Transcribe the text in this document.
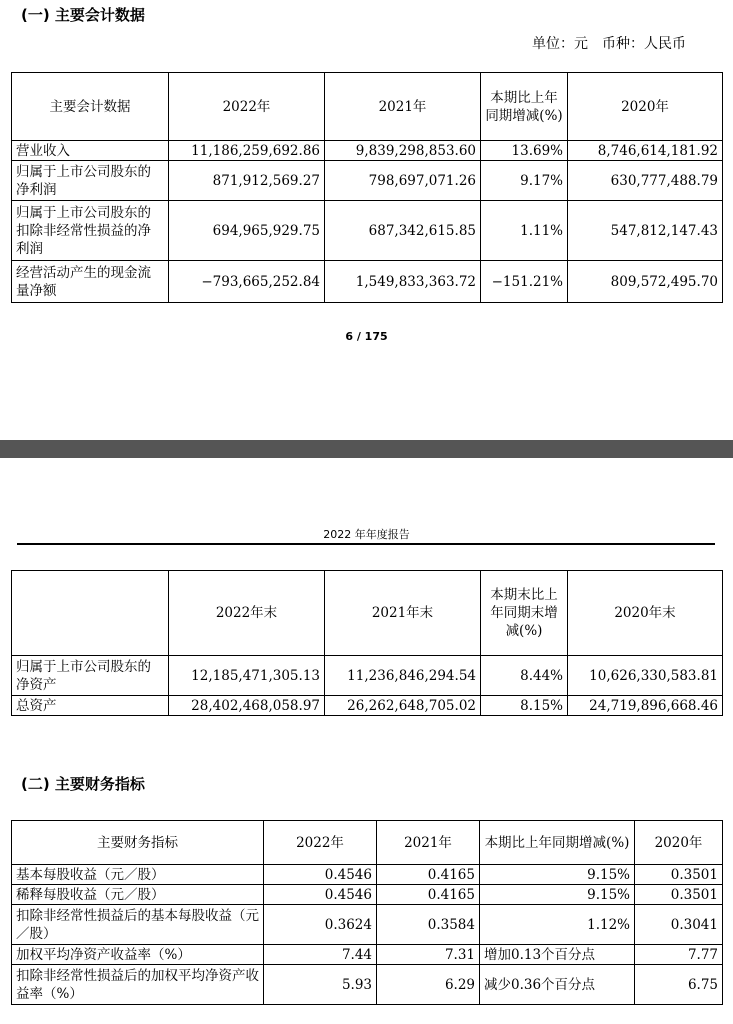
(一) 主要会计数据
单位：元　币种：人民币
主要会计数据	2022年	2021年	本期比上年同期增减(%)	2020年
营业收入	11,186,259,692.86	9,839,298,853.60	13.69%	8,746,614,181.92
归属于上市公司股东的净利润	871,912,569.27	798,697,071.26	9.17%	630,777,488.79
归属于上市公司股东的扣除非经常性损益的净利润	694,965,929.75	687,342,615.85	1.11%	547,812,147.43
经营活动产生的现金流量净额	−793,665,252.84	1,549,833,363.72	−151.21%	809,572,495.70
6 / 175
2022 年年度报告
	2022年末	2021年末	本期末比上年同期末增减(%)	2020年末
归属于上市公司股东的净资产	12,185,471,305.13	11,236,846,294.54	8.44%	10,626,330,583.81
总资产	28,402,468,058.97	26,262,648,705.02	8.15%	24,719,896,668.46
(二) 主要财务指标
主要财务指标	2022年	2021年	本期比上年同期增减(%)	2020年
基本每股收益（元／股）	0.4546	0.4165	9.15%	0.3501
稀释每股收益（元／股）	0.4546	0.4165	9.15%	0.3501
扣除非经常性损益后的基本每股收益（元／股）	0.3624	0.3584	1.12%	0.3041
加权平均净资产收益率（%）	7.44	7.31	增加0.13个百分点	7.77
扣除非经常性损益后的加权平均净资产收益率（%）	5.93	6.29	减少0.36个百分点	6.75
